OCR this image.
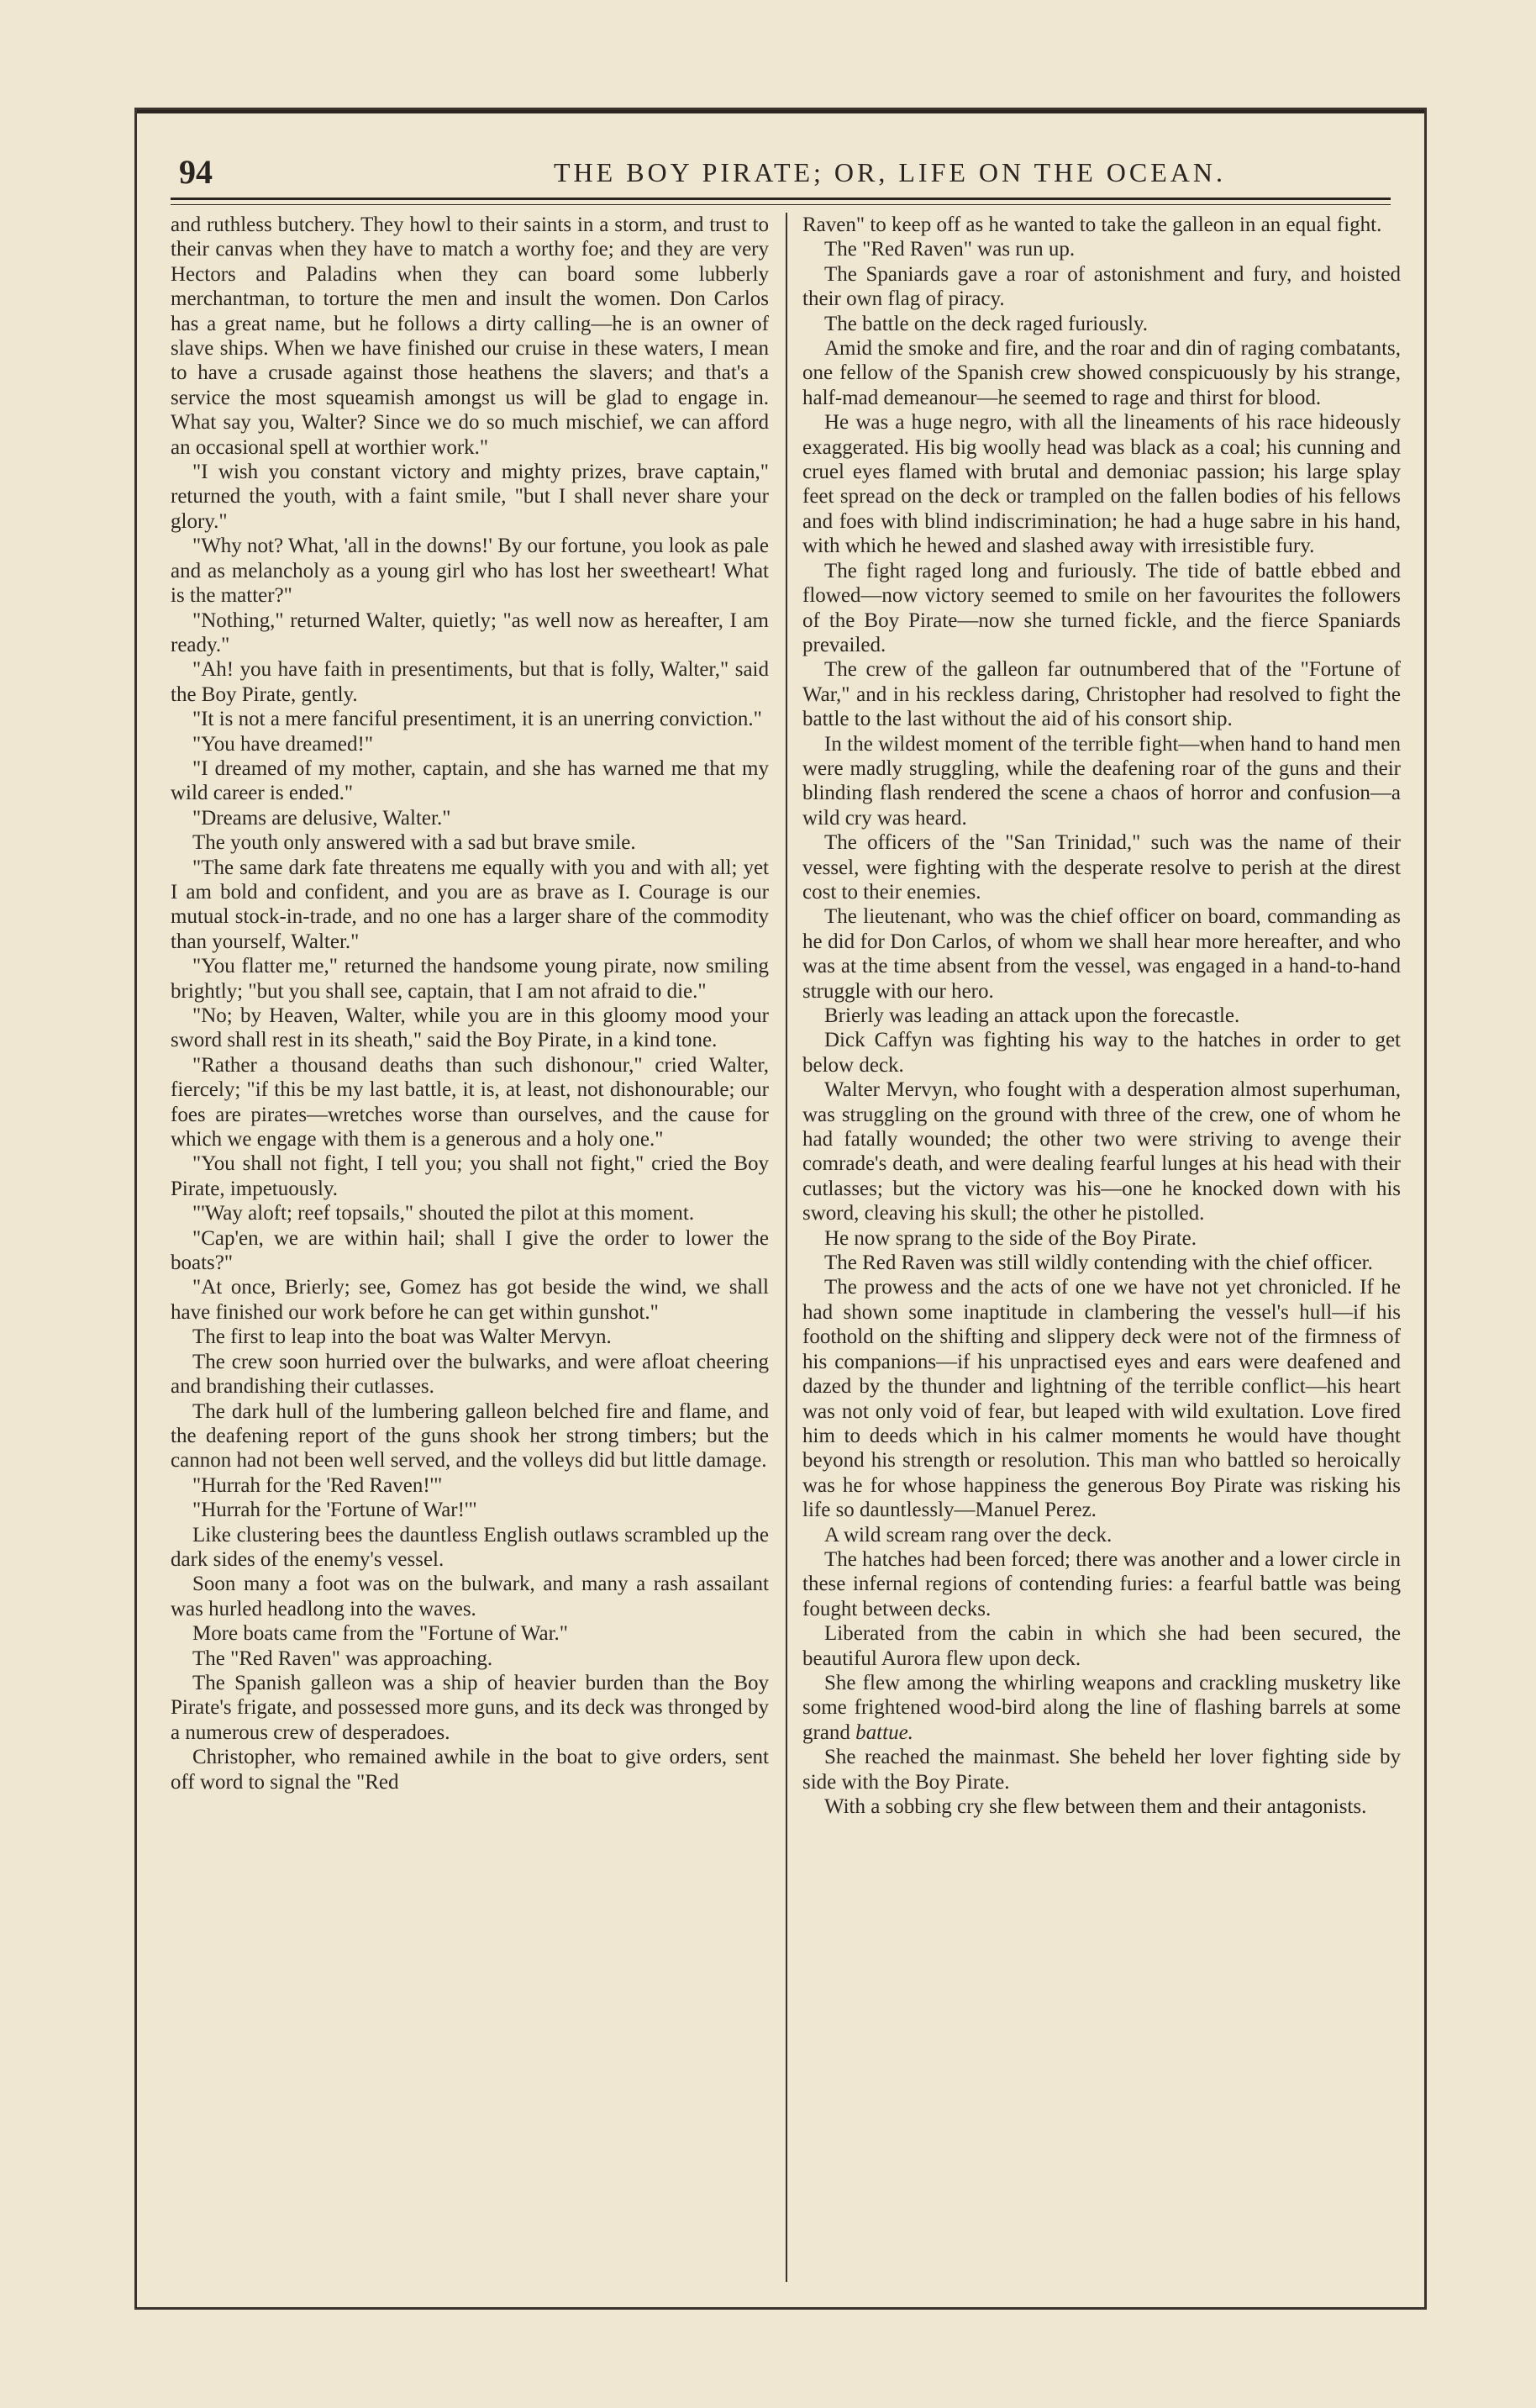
94	THE BOY PIRATE; OR, LIFE ON THE OCEAN.

and ruthless butchery. They howl to their saints in a storm, and trust to their canvas when they have to match a worthy foe; and they are very Hectors and Paladins when they can board some lubberly merchantman, to torture the men and insult the women. Don Carlos has a great name, but he follows a dirty calling—he is an owner of slave ships. When we have finished our cruise in these waters, I mean to have a crusade against those heathens the slavers; and that's a service the most squeamish amongst us will be glad to engage in. What say you, Walter? Since we do so much mischief, we can afford an occasional spell at worthier work."

"I wish you constant victory and mighty prizes, brave captain," returned the youth, with a faint smile, "but I shall never share your glory."

"Why not? What, 'all in the downs!' By our fortune, you look as pale and as melancholy as a young girl who has lost her sweetheart! What is the matter?"

"Nothing," returned Walter, quietly; "as well now as hereafter, I am ready."

"Ah! you have faith in presentiments, but that is folly, Walter," said the Boy Pirate, gently.

"It is not a mere fanciful presentiment, it is an unerring conviction."

"You have dreamed!"

"I dreamed of my mother, captain, and she has warned me that my wild career is ended."

"Dreams are delusive, Walter."

The youth only answered with a sad but brave smile.

"The same dark fate threatens me equally with you and with all; yet I am bold and confident, and you are as brave as I. Courage is our mutual stock-in-trade, and no one has a larger share of the commodity than yourself, Walter."

"You flatter me," returned the handsome young pirate, now smiling brightly; "but you shall see, captain, that I am not afraid to die."

"No; by Heaven, Walter, while you are in this gloomy mood your sword shall rest in its sheath," said the Boy Pirate, in a kind tone.

"Rather a thousand deaths than such dishonour," cried Walter, fiercely; "if this be my last battle, it is, at least, not dishonourable; our foes are pirates—wretches worse than ourselves, and the cause for which we engage with them is a generous and a holy one."

"You shall not fight, I tell you; you shall not fight," cried the Boy Pirate, impetuously.

"'Way aloft; reef topsails," shouted the pilot at this moment.

"Cap'en, we are within hail; shall I give the order to lower the boats?"

"At once, Brierly; see, Gomez has got beside the wind, we shall have finished our work before he can get within gunshot."

The first to leap into the boat was Walter Mervyn.

The crew soon hurried over the bulwarks, and were afloat cheering and brandishing their cutlasses.

The dark hull of the lumbering galleon belched fire and flame, and the deafening report of the guns shook her strong timbers; but the cannon had not been well served, and the volleys did but little damage.

"Hurrah for the 'Red Raven!'"

"Hurrah for the 'Fortune of War!'"

Like clustering bees the dauntless English outlaws scrambled up the dark sides of the enemy's vessel.

Soon many a foot was on the bulwark, and many a rash assailant was hurled headlong into the waves.

More boats came from the "Fortune of War."

The "Red Raven" was approaching.

The Spanish galleon was a ship of heavier burden than the Boy Pirate's frigate, and possessed more guns, and its deck was thronged by a numerous crew of desperadoes.

Christopher, who remained awhile in the boat to give orders, sent off word to signal the "Red

Raven" to keep off as he wanted to take the galleon in an equal fight.

The "Red Raven" was run up.

The Spaniards gave a roar of astonishment and fury, and hoisted their own flag of piracy.

The battle on the deck raged furiously.

Amid the smoke and fire, and the roar and din of raging combatants, one fellow of the Spanish crew showed conspicuously by his strange, half-mad demeanour—he seemed to rage and thirst for blood.

He was a huge negro, with all the lineaments of his race hideously exaggerated. His big woolly head was black as a coal; his cunning and cruel eyes flamed with brutal and demoniac passion; his large splay feet spread on the deck or trampled on the fallen bodies of his fellows and foes with blind indiscrimination; he had a huge sabre in his hand, with which he hewed and slashed away with irresistible fury.

The fight raged long and furiously. The tide of battle ebbed and flowed—now victory seemed to smile on her favourites the followers of the Boy Pirate—now she turned fickle, and the fierce Spaniards prevailed.

The crew of the galleon far outnumbered that of the "Fortune of War," and in his reckless daring, Christopher had resolved to fight the battle to the last without the aid of his consort ship.

In the wildest moment of the terrible fight—when hand to hand men were madly struggling, while the deafening roar of the guns and their blinding flash rendered the scene a chaos of horror and confusion—a wild cry was heard.

The officers of the "San Trinidad," such was the name of their vessel, were fighting with the desperate resolve to perish at the direst cost to their enemies.

The lieutenant, who was the chief officer on board, commanding as he did for Don Carlos, of whom we shall hear more hereafter, and who was at the time absent from the vessel, was engaged in a hand-to-hand struggle with our hero.

Brierly was leading an attack upon the forecastle.

Dick Caffyn was fighting his way to the hatches in order to get below deck.

Walter Mervyn, who fought with a desperation almost superhuman, was struggling on the ground with three of the crew, one of whom he had fatally wounded; the other two were striving to avenge their comrade's death, and were dealing fearful lunges at his head with their cutlasses; but the victory was his—one he knocked down with his sword, cleaving his skull; the other he pistolled.

He now sprang to the side of the Boy Pirate.

The Red Raven was still wildly contending with the chief officer.

The prowess and the acts of one we have not yet chronicled. If he had shown some inaptitude in clambering the vessel's hull—if his foothold on the shifting and slippery deck were not of the firmness of his companions—if his unpractised eyes and ears were deafened and dazed by the thunder and lightning of the terrible conflict—his heart was not only void of fear, but leaped with wild exultation. Love fired him to deeds which in his calmer moments he would have thought beyond his strength or resolution. This man who battled so heroically was he for whose happiness the generous Boy Pirate was risking his life so dauntlessly—Manuel Perez.

A wild scream rang over the deck.

The hatches had been forced; there was another and a lower circle in these infernal regions of contending furies: a fearful battle was being fought between decks.

Liberated from the cabin in which she had been secured, the beautiful Aurora flew upon deck.

She flew among the whirling weapons and crackling musketry like some frightened wood-bird along the line of flashing barrels at some grand battue.

She reached the mainmast. She beheld her lover fighting side by side with the Boy Pirate.

With a sobbing cry she flew between them and their antagonists.
